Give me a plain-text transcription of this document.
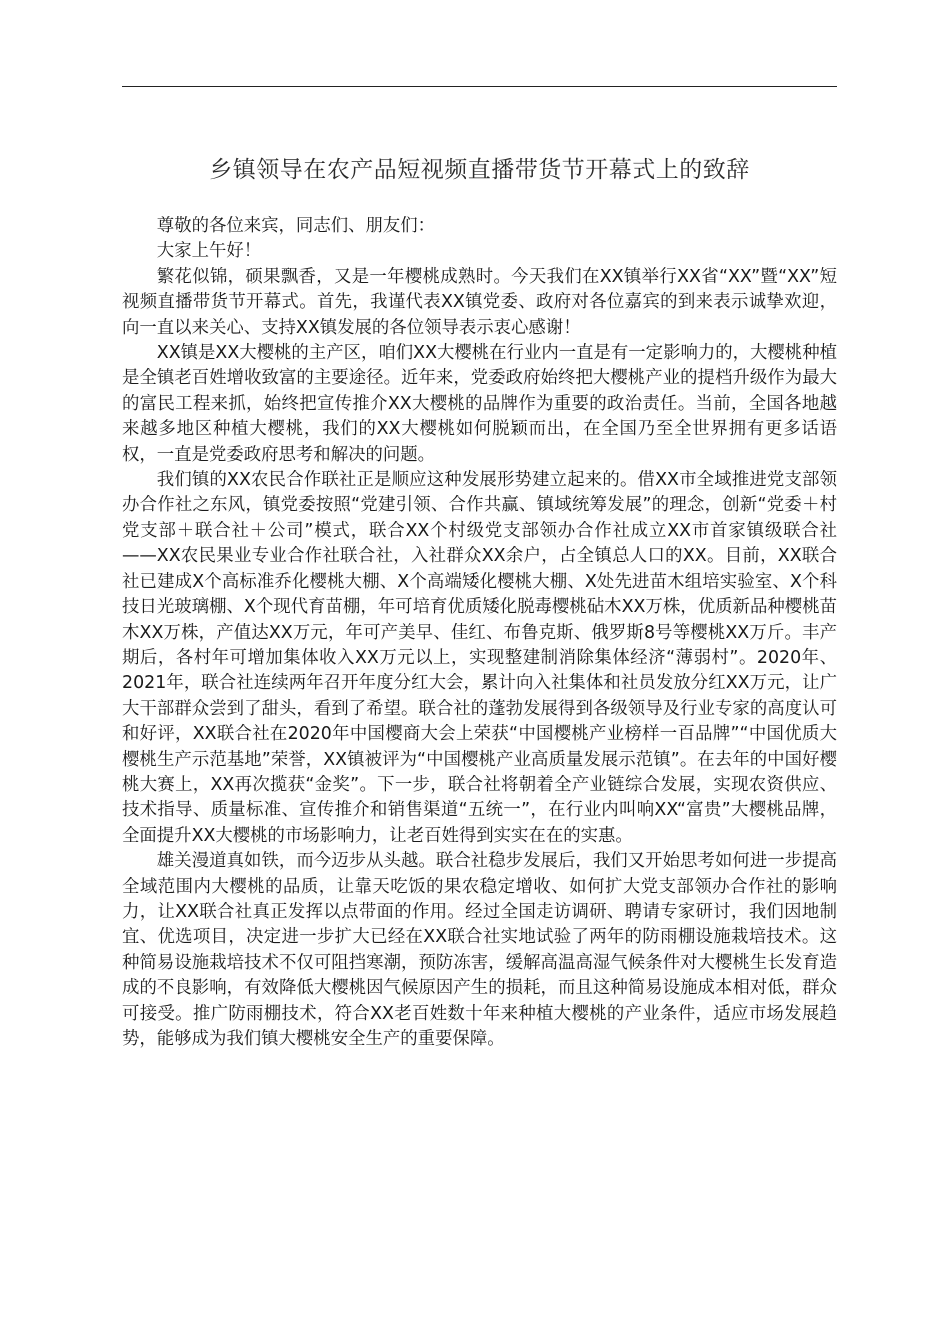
乡镇领导在农产品短视频直播带货节开幕式上的致辞

尊敬的各位来宾，同志们、朋友们：

大家上午好！

繁花似锦，硕果飘香，又是一年樱桃成熟时。今天我们在XX镇举行XX省“XX”暨“XX”短视频直播带货节开幕式。首先，我谨代表XX镇党委、政府对各位嘉宾的到来表示诚挚欢迎，向一直以来关心、支持XX镇发展的各位领导表示衷心感谢！

XX镇是XX大樱桃的主产区，咱们XX大樱桃在行业内一直是有一定影响力的，大樱桃种植是全镇老百姓增收致富的主要途径。近年来，党委政府始终把大樱桃产业的提档升级作为最大的富民工程来抓，始终把宣传推介XX大樱桃的品牌作为重要的政治责任。当前，全国各地越来越多地区种植大樱桃，我们的XX大樱桃如何脱颖而出，在全国乃至全世界拥有更多话语权，一直是党委政府思考和解决的问题。

我们镇的XX农民合作联社正是顺应这种发展形势建立起来的。借XX市全域推进党支部领办合作社之东风，镇党委按照“党建引领、合作共赢、镇域统筹发展”的理念，创新“党委＋村党支部＋联合社＋公司”模式，联合XX个村级党支部领办合作社成立XX市首家镇级联合社——XX农民果业专业合作社联合社，入社群众XX余户，占全镇总人口的XX。目前，XX联合社已建成X个高标准乔化樱桃大棚、X个高端矮化樱桃大棚、X处先进苗木组培实验室、X个科技日光玻璃棚、X个现代育苗棚，年可培育优质矮化脱毒樱桃砧木XX万株，优质新品种樱桃苗木XX万株，产值达XX万元，年可产美早、佳红、布鲁克斯、俄罗斯8号等樱桃XX万斤。丰产期后，各村年可增加集体收入XX万元以上，实现整建制消除集体经济“薄弱村”。2020年、2021年，联合社连续两年召开年度分红大会，累计向入社集体和社员发放分红XX万元，让广大干部群众尝到了甜头，看到了希望。联合社的蓬勃发展得到各级领导及行业专家的高度认可和好评，XX联合社在2020年中国樱商大会上荣获“中国樱桃产业榜样一百品牌”“中国优质大樱桃生产示范基地”荣誉，XX镇被评为“中国樱桃产业高质量发展示范镇”。在去年的中国好樱桃大赛上，XX再次揽获“金奖”。下一步，联合社将朝着全产业链综合发展，实现农资供应、技术指导、质量标准、宣传推介和销售渠道“五统一”，在行业内叫响XX“富贵”大樱桃品牌，全面提升XX大樱桃的市场影响力，让老百姓得到实实在在的实惠。

雄关漫道真如铁，而今迈步从头越。联合社稳步发展后，我们又开始思考如何进一步提高全域范围内大樱桃的品质，让靠天吃饭的果农稳定增收、如何扩大党支部领办合作社的影响力，让XX联合社真正发挥以点带面的作用。经过全国走访调研、聘请专家研讨，我们因地制宜、优选项目，决定进一步扩大已经在XX联合社实地试验了两年的防雨棚设施栽培技术。这种简易设施栽培技术不仅可阻挡寒潮，预防冻害，缓解高温高湿气候条件对大樱桃生长发育造成的不良影响，有效降低大樱桃因气候原因产生的损耗，而且这种简易设施成本相对低，群众可接受。推广防雨棚技术，符合XX老百姓数十年来种植大樱桃的产业条件，适应市场发展趋势，能够成为我们镇大樱桃安全生产的重要保障。
